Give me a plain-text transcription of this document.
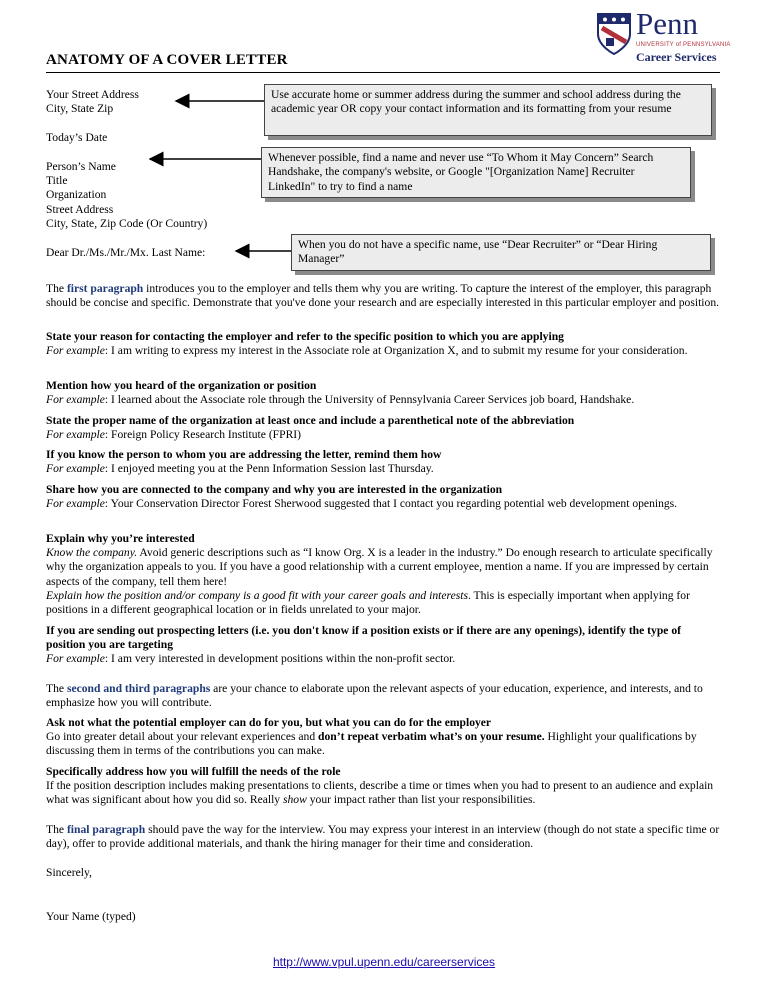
Penn
UNIVERSITY of PENNSYLVANIA
Career Services
ANATOMY OF A COVER LETTER
Your Street Address
City, State Zip
Today’s Date
Person’s Name
Title
Organization
Street Address
City, State, Zip Code (Or Country)
Dear Dr./Ms./Mr./Mx. Last Name:
Use accurate home or summer address during the summer and school address during the academic year OR copy your contact information and its formatting from your resume
Whenever possible, find a name and never use “To Whom it May Concern” Search Handshake, the company's website, or Google "[Organization Name] Recruiter LinkedIn" to try to find a name
When you do not have a specific name, use “Dear Recruiter” or “Dear Hiring Manager”
The first paragraph introduces you to the employer and tells them why you are writing. To capture the interest of the employer, this paragraph should be concise and specific. Demonstrate that you've done your research and are especially interested in this particular employer and position.
State your reason for contacting the employer and refer to the specific position to which you are applying
For example: I am writing to express my interest in the Associate role at Organization X, and to submit my resume for your consideration.
Mention how you heard of the organization or position
For example: I learned about the Associate role through the University of Pennsylvania Career Services job board, Handshake.
State the proper name of the organization at least once and include a parenthetical note of the abbreviation
For example: Foreign Policy Research Institute (FPRI)
If you know the person to whom you are addressing the letter, remind them how
For example: I enjoyed meeting you at the Penn Information Session last Thursday.
Share how you are connected to the company and why you are interested in the organization
For example: Your Conservation Director Forest Sherwood suggested that I contact you regarding potential web development openings.
Explain why you’re interested
Know the company. Avoid generic descriptions such as “I know Org. X is a leader in the industry.” Do enough research to articulate specifically why the organization appeals to you. If you have a good relationship with a current employee, mention a name. If you are impressed by certain aspects of the company, tell them here!
Explain how the position and/or company is a good fit with your career goals and interests. This is especially important when applying for positions in a different geographical location or in fields unrelated to your major.
If you are sending out prospecting letters (i.e. you don't know if a position exists or if there are any openings), identify the type of position you are targeting
For example: I am very interested in development positions within the non-profit sector.
The second and third paragraphs are your chance to elaborate upon the relevant aspects of your education, experience, and interests, and to emphasize how you will contribute.
Ask not what the potential employer can do for you, but what you can do for the employer
Go into greater detail about your relevant experiences and don’t repeat verbatim what’s on your resume. Highlight your qualifications by discussing them in terms of the contributions you can make.
Specifically address how you will fulfill the needs of the role
If the position description includes making presentations to clients, describe a time or times when you had to present to an audience and explain what was significant about how you did so. Really show your impact rather than list your responsibilities.
The final paragraph should pave the way for the interview. You may express your interest in an interview (though do not state a specific time or day), offer to provide additional materials, and thank the hiring manager for their time and consideration.
Sincerely,
Your Name (typed)
http://www.vpul.upenn.edu/careerservices
